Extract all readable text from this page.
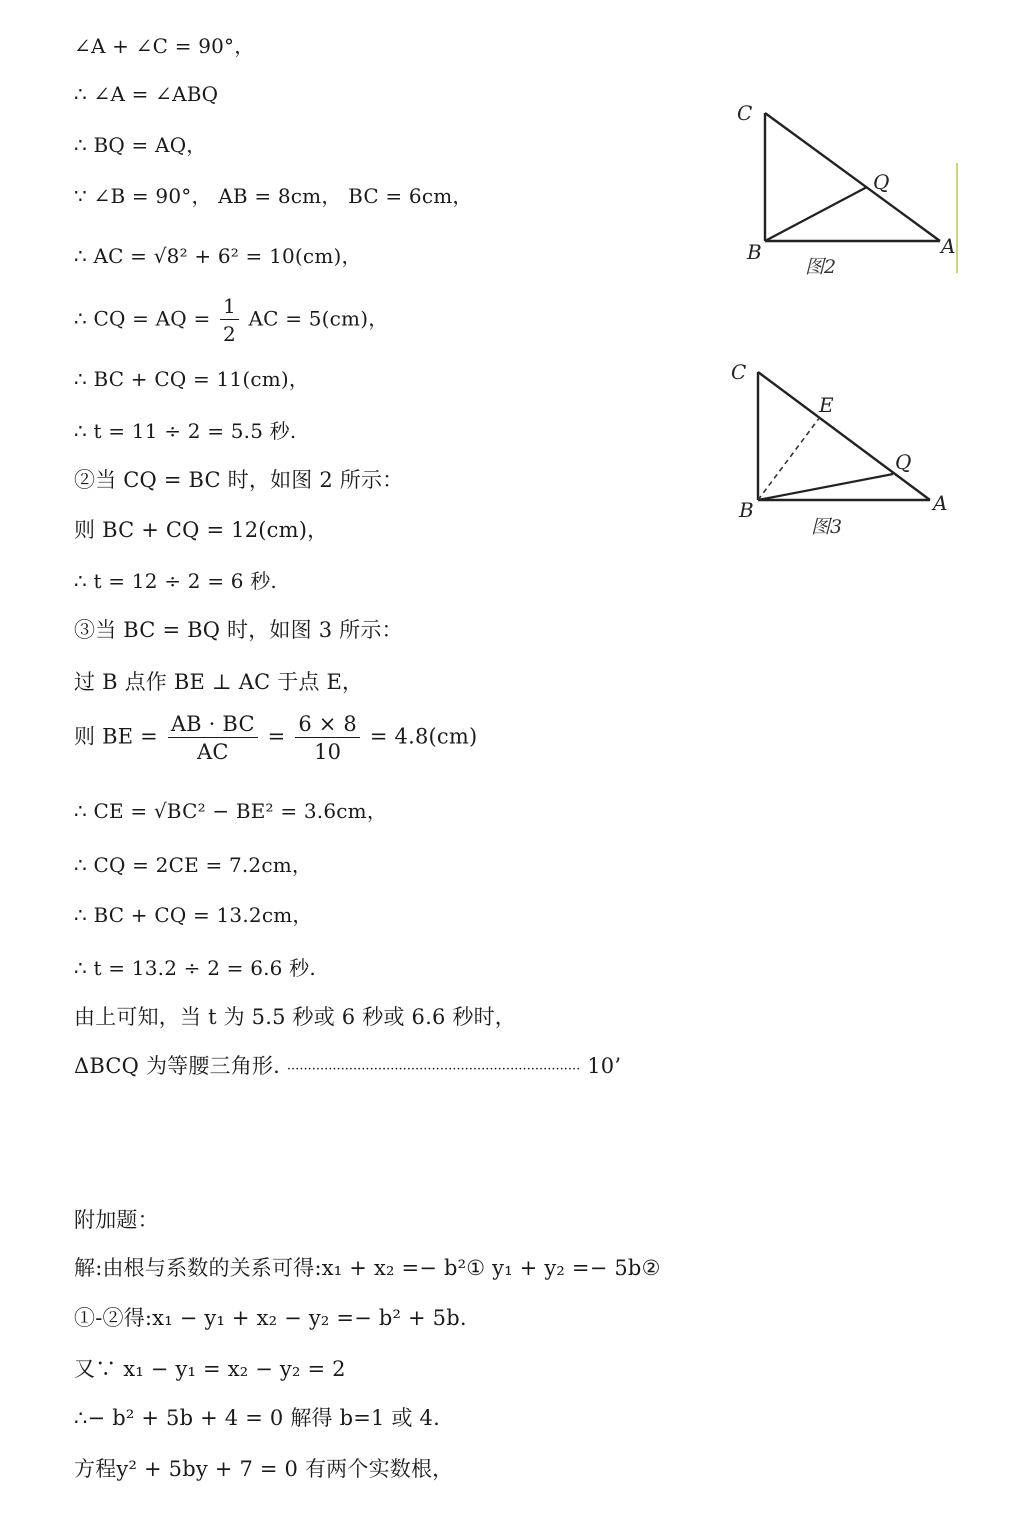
∠A + ∠C = 90°，
∴ ∠A = ∠ABQ
∴ BQ = AQ，
∵ ∠B = 90°， AB = 8cm， BC = 6cm，
∴ AC = √8² + 6² = 10(cm)，
∴ CQ = AQ = $\frac{1}{2}$ AC = 5(cm)，
∴ BC + CQ = 11(cm)，
∴ t = 11 ÷ 2 = 5.5 秒.
②当 CQ = BC 时，如图 2 所示：
则 BC + CQ = 12(cm)，
∴ t = 12 ÷ 2 = 6 秒.
③当 BC = BQ 时，如图 3 所示：
过 B 点作 BE ⊥ AC 于点 E，
则 BE = $\frac{AB \cdot BC}{AC} = \frac{6 \times 8}{10} = 4.8(cm)$
∴ CE = √BC² − BE² = 3.6cm，
∴ CQ = 2CE = 7.2cm，
∴ BC + CQ = 13.2cm，
∴ t = 13.2 ÷ 2 = 6.6 秒.
由上可知，当 t 为 5.5 秒或 6 秒或 6.6 秒时，
ΔBCQ 为等腰三角形. ······································································· 10’
附加题：
解:由根与系数的关系可得:x₁ + x₂ =− b²① y₁ + y₂ =− 5b②
①-②得:x₁ − y₁ + x₂ − y₂ =− b² + 5b.
又∵ x₁ − y₁ = x₂ − y₂ = 2
∴− b² + 5b + 4 = 0 解得 b=1 或 4.
方程y² + 5by + 7 = 0 有两个实数根，
C
Q
B	A
图2
C
E
Q
B	A
图3
